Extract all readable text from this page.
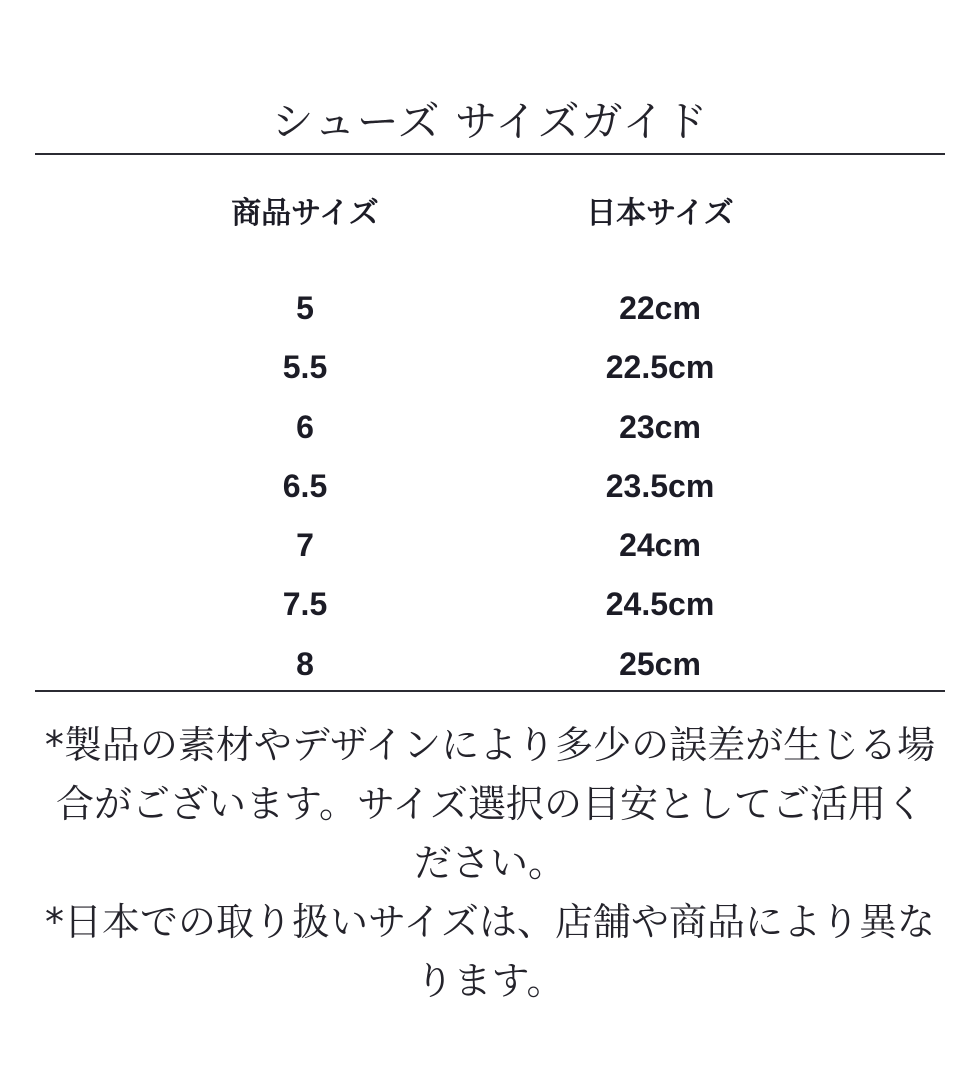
シューズ サイズガイド
商品サイズ	日本サイズ
5	22cm
5.5	22.5cm
6	23cm
6.5	23.5cm
7	24cm
7.5	24.5cm
8	25cm
*製品の素材やデザインにより多少の誤差が生じる場合がございます。サイズ選択の目安としてご活用ください。
*日本での取り扱いサイズは、店舗や商品により異なります。
